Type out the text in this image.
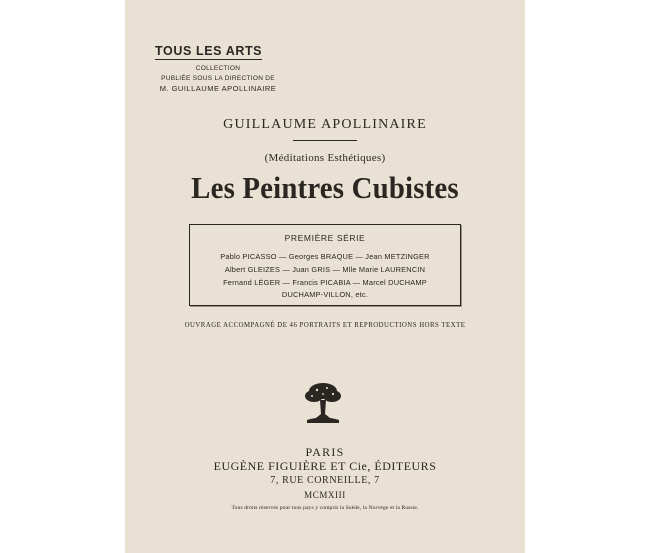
TOUS LES ARTS
COLLECTION
PUBLIÉE SOUS LA DIRECTION DE
M. GUILLAUME APOLLINAIRE
GUILLAUME APOLLINAIRE
(Méditations Esthétiques)
Les Peintres Cubistes
PREMIÈRE SÉRIE
Pablo PICASSO — Georges BRAQUE — Jean METZINGER
Albert GLEIZES — Juan GRIS — Mlle Marie LAURENCIN
Fernand LÉGER — Francis PICABIA — Marcel DUCHAMP
DUCHAMP-VILLON, etc.
OUVRAGE ACCOMPAGNÉ DE 46 PORTRAITS ET REPRODUCTIONS HORS TEXTE
PARIS
EUGÈNE FIGUIÈRE ET Cie, ÉDITEURS
7, RUE CORNEILLE, 7
MCMXIII
Tous droits réservés pour tous pays y compris la Suède, la Norvège et la Russie.
